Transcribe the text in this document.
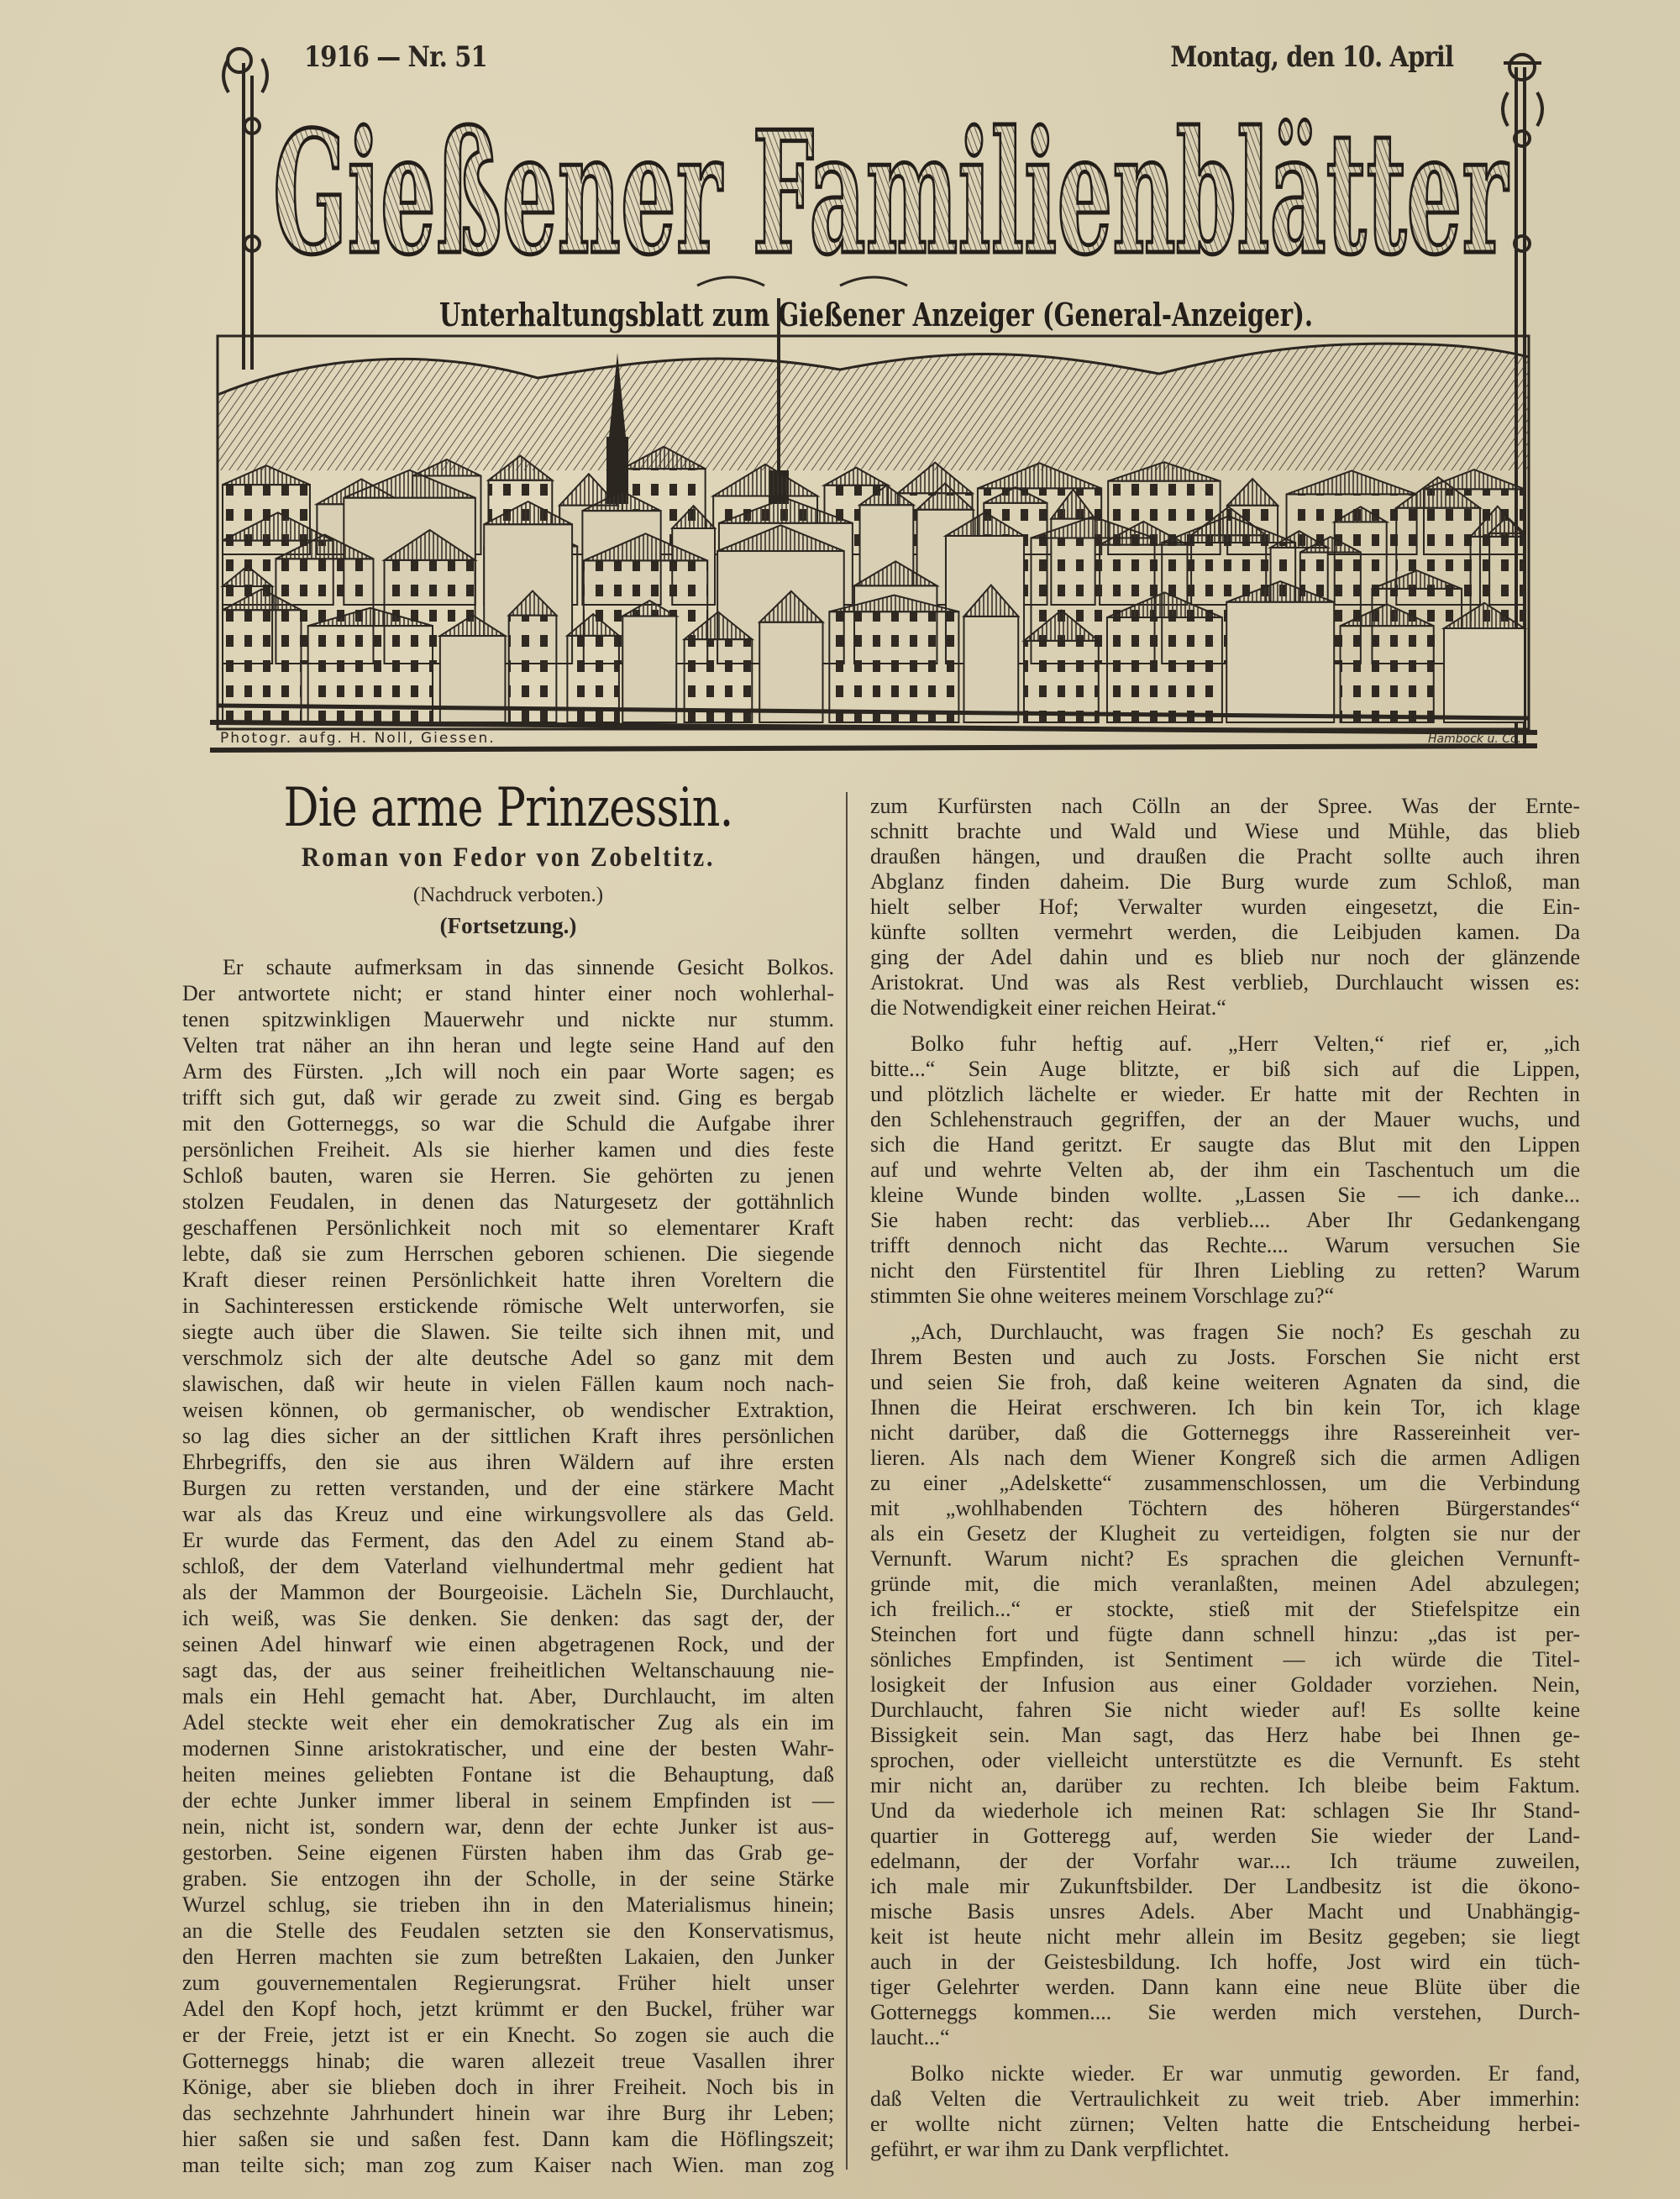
Gießener Familienblätter
Unterhaltungsblatt zum Gießener Anzeiger (General-Anzeiger).
Photogr. aufg. H. Noll, Giessen.	Hambock u. Co.
1916 — Nr. 51	Montag, den 10. April
Die arme Prinzessin.
Roman von Fedor von Zobeltitz.
(Nachdruck verboten.)
(Fortsetzung.)
Er schaute aufmerksam in das sinnende Gesicht Bolkos.
Der antwortete nicht; er stand hinter einer noch wohlerhal-
tenen spitzwinkligen Mauerwehr und nickte nur stumm.
Velten trat näher an ihn heran und legte seine Hand auf den
Arm des Fürsten. „Ich will noch ein paar Worte sagen; es
trifft sich gut, daß wir gerade zu zweit sind. Ging es bergab
mit den Gotterneggs, so war die Schuld die Aufgabe ihrer
persönlichen Freiheit. Als sie hierher kamen und dies feste
Schloß bauten, waren sie Herren. Sie gehörten zu jenen
stolzen Feudalen, in denen das Naturgesetz der gottähnlich
geschaffenen Persönlichkeit noch mit so elementarer Kraft
lebte, daß sie zum Herrschen geboren schienen. Die siegende
Kraft dieser reinen Persönlichkeit hatte ihren Voreltern die
in Sachinteressen erstickende römische Welt unterworfen, sie
siegte auch über die Slawen. Sie teilte sich ihnen mit, und
verschmolz sich der alte deutsche Adel so ganz mit dem
slawischen, daß wir heute in vielen Fällen kaum noch nach-
weisen können, ob germanischer, ob wendischer Extraktion,
so lag dies sicher an der sittlichen Kraft ihres persönlichen
Ehrbegriffs, den sie aus ihren Wäldern auf ihre ersten
Burgen zu retten verstanden, und der eine stärkere Macht
war als das Kreuz und eine wirkungsvollere als das Geld.
Er wurde das Ferment, das den Adel zu einem Stand ab-
schloß, der dem Vaterland vielhundertmal mehr gedient hat
als der Mammon der Bourgeoisie. Lächeln Sie, Durchlaucht,
ich weiß, was Sie denken. Sie denken: das sagt der, der
seinen Adel hinwarf wie einen abgetragenen Rock, und der
sagt das, der aus seiner freiheitlichen Weltanschauung nie-
mals ein Hehl gemacht hat. Aber, Durchlaucht, im alten
Adel steckte weit eher ein demokratischer Zug als ein im
modernen Sinne aristokratischer, und eine der besten Wahr-
heiten meines geliebten Fontane ist die Behauptung, daß
der echte Junker immer liberal in seinem Empfinden ist —
nein, nicht ist, sondern war, denn der echte Junker ist aus-
gestorben. Seine eigenen Fürsten haben ihm das Grab ge-
graben. Sie entzogen ihn der Scholle, in der seine Stärke
Wurzel schlug, sie trieben ihn in den Materialismus hinein;
an die Stelle des Feudalen setzten sie den Konservatismus,
den Herren machten sie zum betreßten Lakaien, den Junker
zum gouvernementalen Regierungsrat. Früher hielt unser
Adel den Kopf hoch, jetzt krümmt er den Buckel, früher war
er der Freie, jetzt ist er ein Knecht. So zogen sie auch die
Gotterneggs hinab; die waren allezeit treue Vasallen ihrer
Könige, aber sie blieben doch in ihrer Freiheit. Noch bis in
das sechzehnte Jahrhundert hinein war ihre Burg ihr Leben;
hier saßen sie und saßen fest. Dann kam die Höflingszeit;
man teilte sich; man zog zum Kaiser nach Wien. man zog
zum Kurfürsten nach Cölln an der Spree. Was der Ernte-
schnitt brachte und Wald und Wiese und Mühle, das blieb
draußen hängen, und draußen die Pracht sollte auch ihren
Abglanz finden daheim. Die Burg wurde zum Schloß, man
hielt selber Hof; Verwalter wurden eingesetzt, die Ein-
künfte sollten vermehrt werden, die Leibjuden kamen. Da
ging der Adel dahin und es blieb nur noch der glänzende
Aristokrat. Und was als Rest verblieb, Durchlaucht wissen es:
die Notwendigkeit einer reichen Heirat.“
Bolko fuhr heftig auf. „Herr Velten,“ rief er, „ich
bitte...“ Sein Auge blitzte, er biß sich auf die Lippen,
und plötzlich lächelte er wieder. Er hatte mit der Rechten in
den Schlehenstrauch gegriffen, der an der Mauer wuchs, und
sich die Hand geritzt. Er saugte das Blut mit den Lippen
auf und wehrte Velten ab, der ihm ein Taschentuch um die
kleine Wunde binden wollte. „Lassen Sie — ich danke...
Sie haben recht: das verblieb.... Aber Ihr Gedankengang
trifft dennoch nicht das Rechte.... Warum versuchen Sie
nicht den Fürstentitel für Ihren Liebling zu retten? Warum
stimmten Sie ohne weiteres meinem Vorschlage zu?“
„Ach, Durchlaucht, was fragen Sie noch? Es geschah zu
Ihrem Besten und auch zu Josts. Forschen Sie nicht erst
und seien Sie froh, daß keine weiteren Agnaten da sind, die
Ihnen die Heirat erschweren. Ich bin kein Tor, ich klage
nicht darüber, daß die Gotterneggs ihre Rassereinheit ver-
lieren. Als nach dem Wiener Kongreß sich die armen Adligen
zu einer „Adelskette“ zusammenschlossen, um die Verbindung
mit „wohlhabenden Töchtern des höheren Bürgerstandes“
als ein Gesetz der Klugheit zu verteidigen, folgten sie nur der
Vernunft. Warum nicht? Es sprachen die gleichen Vernunft-
gründe mit, die mich veranlaßten, meinen Adel abzulegen;
ich freilich...“ er stockte, stieß mit der Stiefelspitze ein
Steinchen fort und fügte dann schnell hinzu: „das ist per-
sönliches Empfinden, ist Sentiment — ich würde die Titel-
losigkeit der Infusion aus einer Goldader vorziehen. Nein,
Durchlaucht, fahren Sie nicht wieder auf! Es sollte keine
Bissigkeit sein. Man sagt, das Herz habe bei Ihnen ge-
sprochen, oder vielleicht unterstützte es die Vernunft. Es steht
mir nicht an, darüber zu rechten. Ich bleibe beim Faktum.
Und da wiederhole ich meinen Rat: schlagen Sie Ihr Stand-
quartier in Gotteregg auf, werden Sie wieder der Land-
edelmann, der der Vorfahr war.... Ich träume zuweilen,
ich male mir Zukunftsbilder. Der Landbesitz ist die ökono-
mische Basis unsres Adels. Aber Macht und Unabhängig-
keit ist heute nicht mehr allein im Besitz gegeben; sie liegt
auch in der Geistesbildung. Ich hoffe, Jost wird ein tüch-
tiger Gelehrter werden. Dann kann eine neue Blüte über die
Gotterneggs kommen.... Sie werden mich verstehen, Durch-
laucht...“
Bolko nickte wieder. Er war unmutig geworden. Er fand,
daß Velten die Vertraulichkeit zu weit trieb. Aber immerhin:
er wollte nicht zürnen; Velten hatte die Entscheidung herbei-
geführt, er war ihm zu Dank verpflichtet.
